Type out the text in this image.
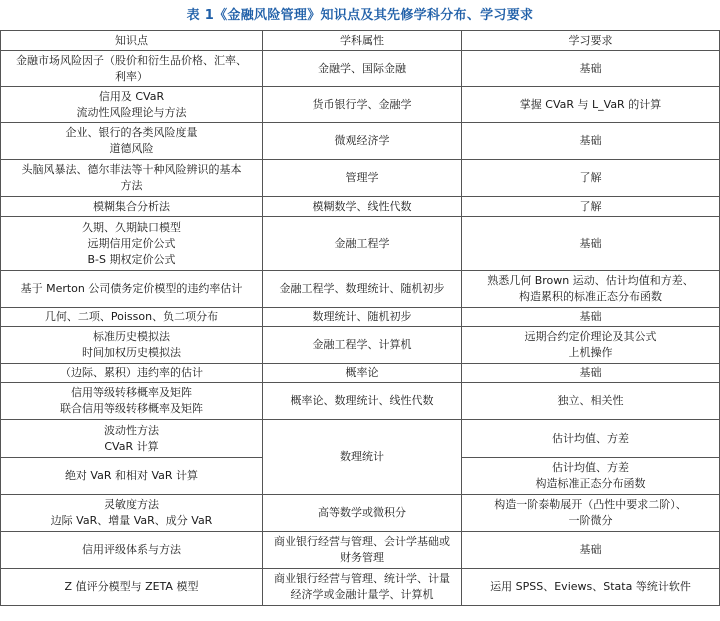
表 1《金融风险管理》知识点及其先修学科分布、学习要求
知识点	学科属性	学习要求

金融市场风险因子（股价和衍生品价格、汇率、
利率）	金融学、国际金融	基础

信用及 CVaR
流动性风险理论与方法	货币银行学、金融学	掌握 CVaR 与 L_VaR 的计算

企业、银行的各类风险度量
道德风险	微观经济学	基础

头脑风暴法、德尔菲法等十种风险辨识的基本
方法	管理学	了解

模糊集合分析法	模糊数学、线性代数	了解

久期、久期缺口模型
远期信用定价公式
B-S 期权定价公式	金融工程学	基础

基于 Merton 公司债务定价模型的违约率估计	金融工程学、数理统计、随机初步	熟悉几何 Brown 运动、估计均值和方差、
构造累积的标准正态分布函数

几何、二项、Poisson、负二项分布	数理统计、随机初步	基础

标准历史模拟法
时间加权历史模拟法	金融工程学、计算机	远期合约定价理论及其公式
上机操作

（边际、累积）违约率的估计	概率论	基础

信用等级转移概率及矩阵
联合信用等级转移概率及矩阵	概率论、数理统计、线性代数	独立、相关性

波动性方法
CVaR 计算	数理统计	估计均值、方差

绝对 VaR 和相对 VaR 计算		估计均值、方差
构造标准正态分布函数

灵敏度方法
边际 VaR、增量 VaR、成分 VaR	高等数学或微积分	构造一阶泰勒展开（凸性中要求二阶）、
一阶微分

信用评级体系与方法	商业银行经营与管理、会计学基础或
财务管理	基础

Z 值评分模型与 ZETA 模型	商业银行经营与管理、统计学、计量
经济学或金融计量学、计算机	运用 SPSS、Eviews、Stata 等统计软件
